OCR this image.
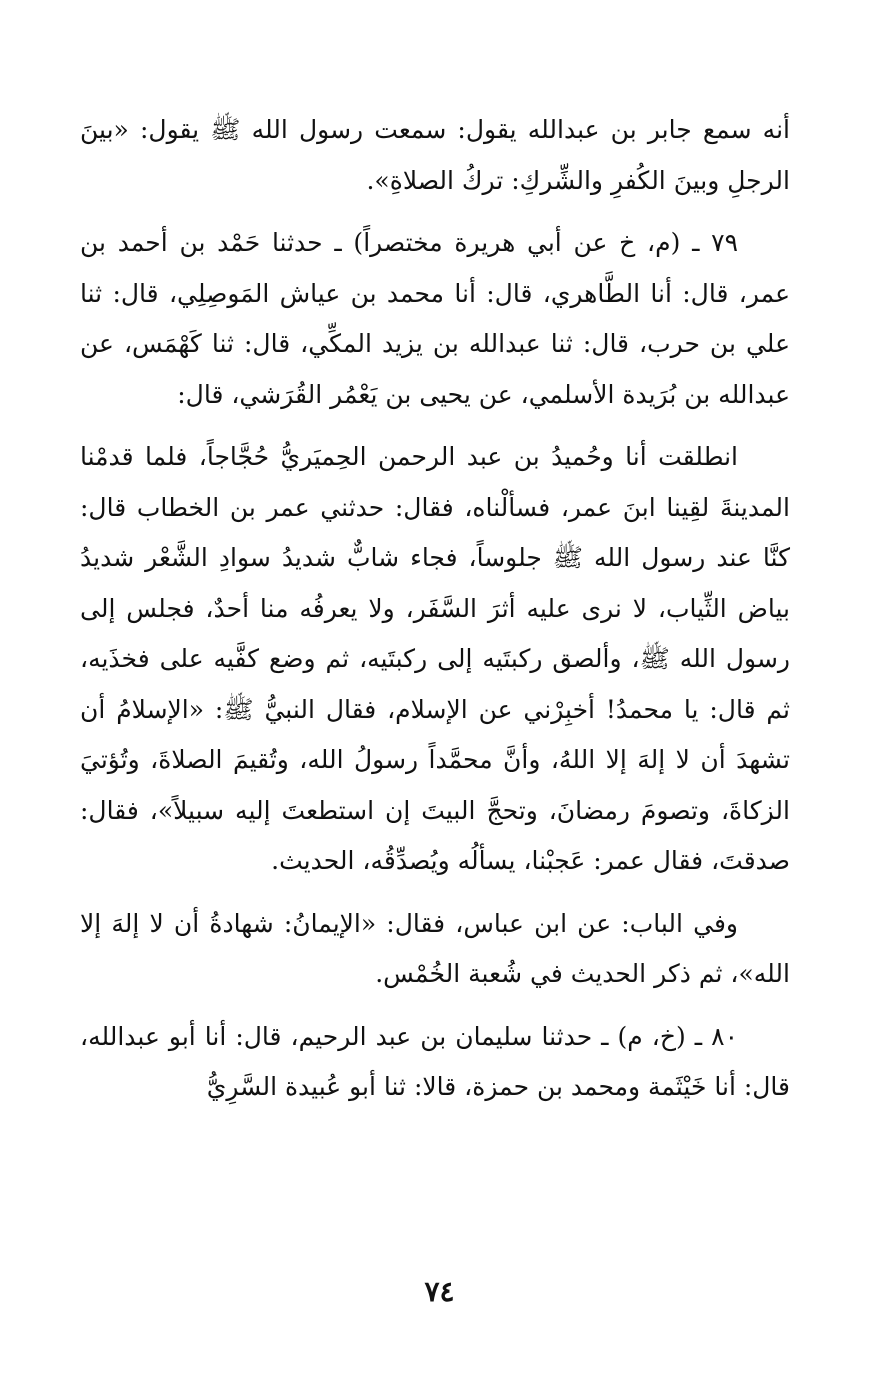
أنه سمع جابر بن عبدالله يقول: سمعت رسول الله ﷺ يقول: «بينَ الرجلِ وبينَ الكُفرِ والشِّركِ: تركُ الصلاةِ».

٧٩ ـ (م، خ عن أبي هريرة مختصراً) ـ حدثنا حَمْد بن أحمد بن عمر، قال: أنا الطَّاهري، قال: أنا محمد بن عياش المَوصِلِي، قال: ثنا علي بن حرب، قال: ثنا عبدالله بن يزيد المكِّي، قال: ثنا كَهْمَس، عن عبدالله بن بُرَيدة الأسلمي، عن يحيى بن يَعْمُر القُرَشي، قال:

انطلقت أنا وحُميدُ بن عبد الرحمن الحِميَريُّ حُجَّاجاً، فلما قدمْنا المدينةَ لقِينا ابنَ عمر، فسألْناه، فقال: حدثني عمر بن الخطاب قال: كنَّا عند رسول الله ﷺ جلوساً، فجاء شابٌّ شديدُ سوادِ الشَّعْر شديدُ بياض الثِّياب، لا نرى عليه أثرَ السَّفَر، ولا يعرفُه منا أحدٌ، فجلس إلى رسول الله ﷺ، وألصق ركبتَيه إلى ركبتَيه، ثم وضع كفَّيه على فخذَيه، ثم قال: يا محمدُ! أخبِرْني عن الإسلام، فقال النبيُّ ﷺ: «الإسلامُ أن تشهدَ أن لا إلهَ إلا اللهُ، وأنَّ محمَّداً رسولُ الله، وتُقيمَ الصلاةَ، وتُؤتيَ الزكاةَ، وتصومَ رمضانَ، وتحجَّ البيتَ إن استطعتَ إليه سبيلاً»، فقال: صدقتَ، فقال عمر: عَجبْنا، يسألُه ويُصدِّقُه، الحديث.

وفي الباب: عن ابن عباس، فقال: «الإيمانُ: شهادةُ أن لا إلهَ إلا الله»، ثم ذكر الحديث في شُعبة الخُمْس.

٨٠ ـ (خ، م) ـ حدثنا سليمان بن عبد الرحيم، قال: أنا أبو عبدالله، قال: أنا خَيْثَمة ومحمد بن حمزة، قالا: ثنا أبو عُبيدة السَّرِيُّ

٧٤
